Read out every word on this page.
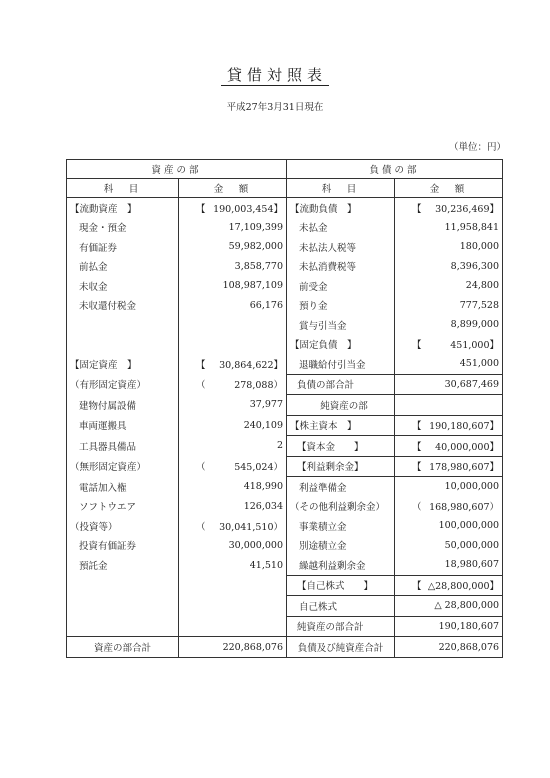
貸借対照表
平成27年3月31日現在
（単位：円）
資産の部		負債の部	
科　目	金　額	科　目	金　額
【流動資産　】	【 190,003,454】	【流動負債　】	【 30,236,469】
現金・預金	17,109,399	未払金	11,958,841
有価証券	59,982,000	未払法人税等	180,000
前払金	3,858,770	未払消費税等	8,396,300
未収金	108,987,109	前受金	24,800
未収還付税金	66,176	預り金	777,528
		賞与引当金	8,899,000
		【固定負債　】	【 451,000】
【固定資産　】	【 30,864,622】	退職給付引当金	451,000
（有形固定資産）	（ 278,088）	負債の部合計	30,687,469
建物付属設備	37,977	純資産の部	
車両運搬具	240,109	【株主資本　】	【 190,180,607】
工具器具備品	2	【資本金　　】	【 40,000,000】
（無形固定資産）	（ 545,024）	【利益剰余金】	【 178,980,607】
電話加入権	418,990	利益準備金	10,000,000
ソフトウエア	126,034	（その他利益剰余金）	（ 168,980,607）
（投資等）	（ 30,041,510）	事業積立金	100,000,000
投資有価証券	30,000,000	別途積立金	50,000,000
預託金	41,510	繰越利益剰余金	18,980,607
		【自己株式　　】	【 △28,800,000】
		自己株式	△ 28,800,000
		純資産の部合計	190,180,607
資産の部合計	220,868,076	負債及び純資産合計	220,868,076
